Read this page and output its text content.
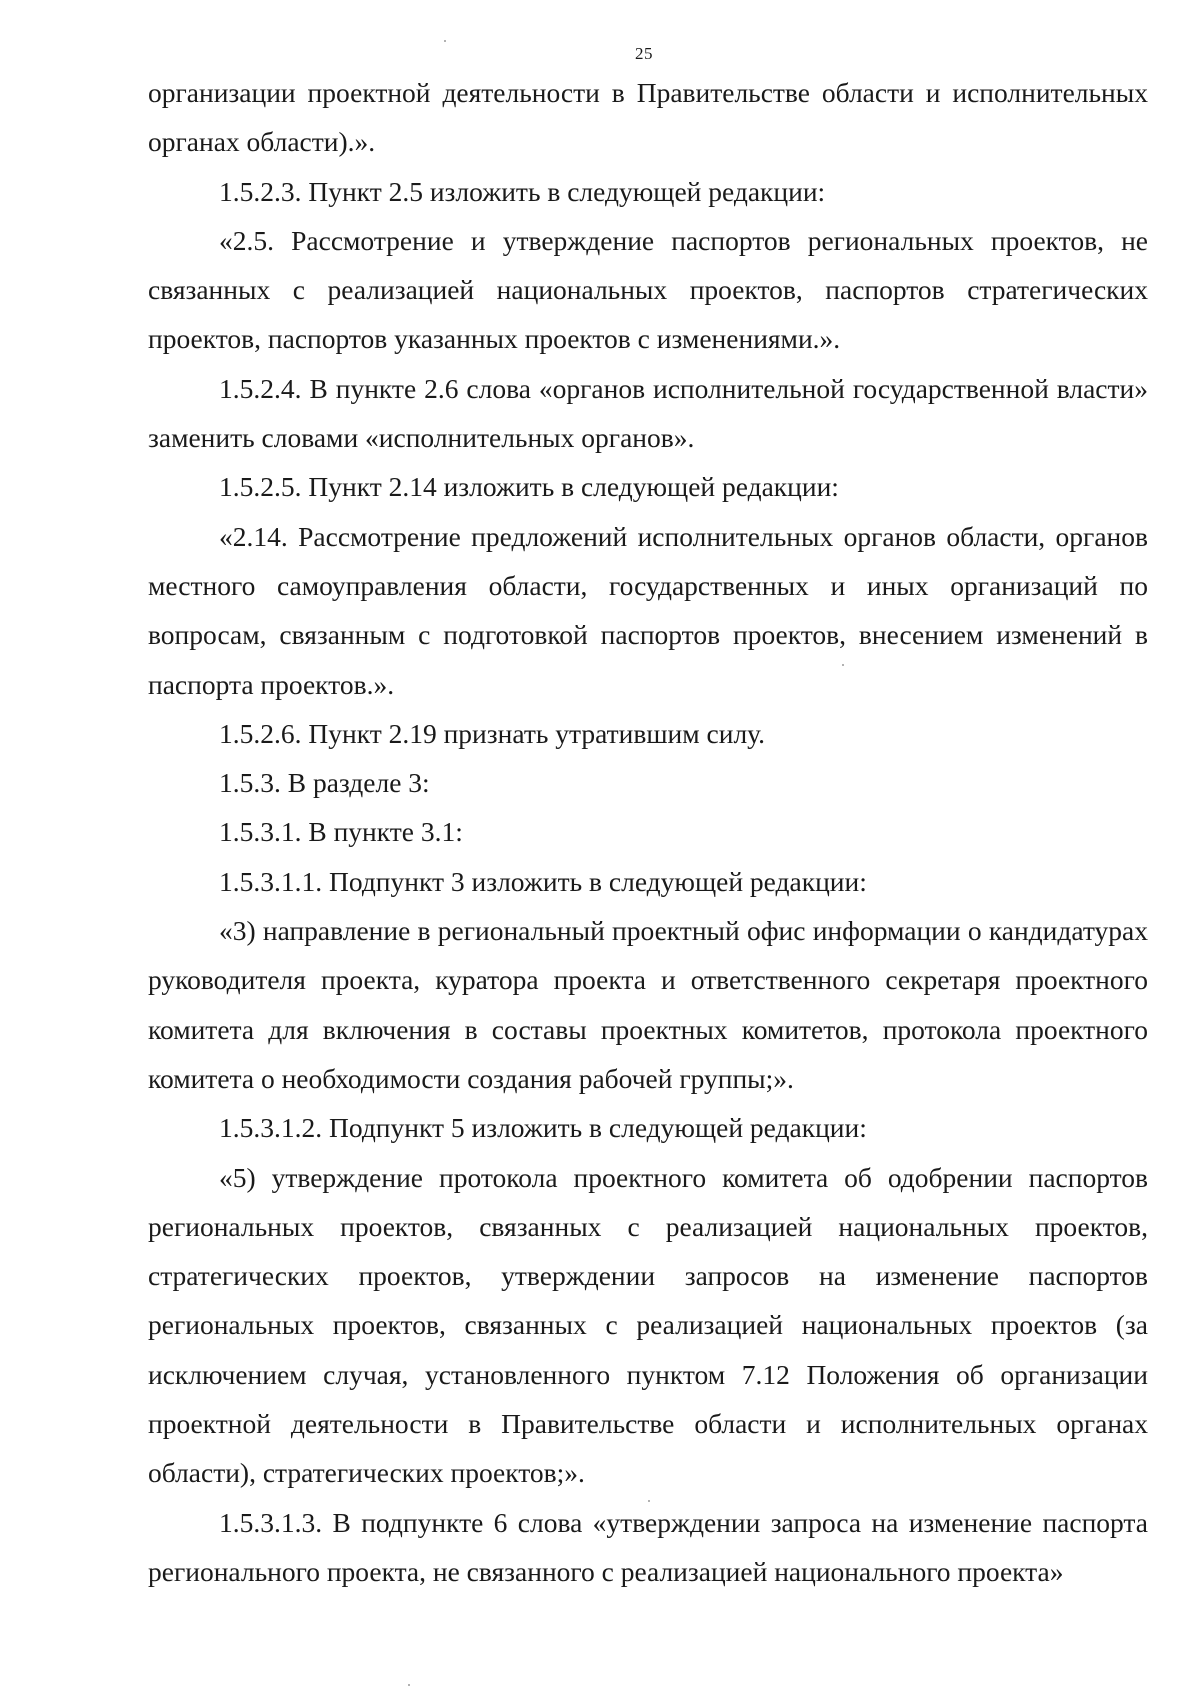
25

организации проектной деятельности в Правительстве области и исполнительных органах области).».

1.5.2.3. Пункт 2.5 изложить в следующей редакции:

«2.5. Рассмотрение и утверждение паспортов региональных проектов, не связанных с реализацией национальных проектов, паспортов стратегических проектов, паспортов указанных проектов с изменениями.».

1.5.2.4. В пункте 2.6 слова «органов исполнительной государственной власти» заменить словами «исполнительных органов».

1.5.2.5. Пункт 2.14 изложить в следующей редакции:

«2.14. Рассмотрение предложений исполнительных органов области, органов местного самоуправления области, государственных и иных организаций по вопросам, связанным с подготовкой паспортов проектов, внесением изменений в паспорта проектов.».

1.5.2.6. Пункт 2.19 признать утратившим силу.

1.5.3. В разделе 3:

1.5.3.1. В пункте 3.1:

1.5.3.1.1. Подпункт 3 изложить в следующей редакции:

«3) направление в региональный проектный офис информации о кандидатурах руководителя проекта, куратора проекта и ответственного секретаря проектного комитета для включения в составы проектных комитетов, протокола проектного комитета о необходимости создания рабочей группы;».

1.5.3.1.2. Подпункт 5 изложить в следующей редакции:

«5) утверждение протокола проектного комитета об одобрении паспортов региональных проектов, связанных с реализацией национальных проектов, стратегических проектов, утверждении запросов на изменение паспортов региональных проектов, связанных с реализацией национальных проектов (за исключением случая, установленного пунктом 7.12 Положения об организации проектной деятельности в Правительстве области и исполнительных органах области), стратегических проектов;».

1.5.3.1.3. В подпункте 6 слова «утверждении запроса на изменение паспорта регионального проекта, не связанного с реализацией национального проекта»
